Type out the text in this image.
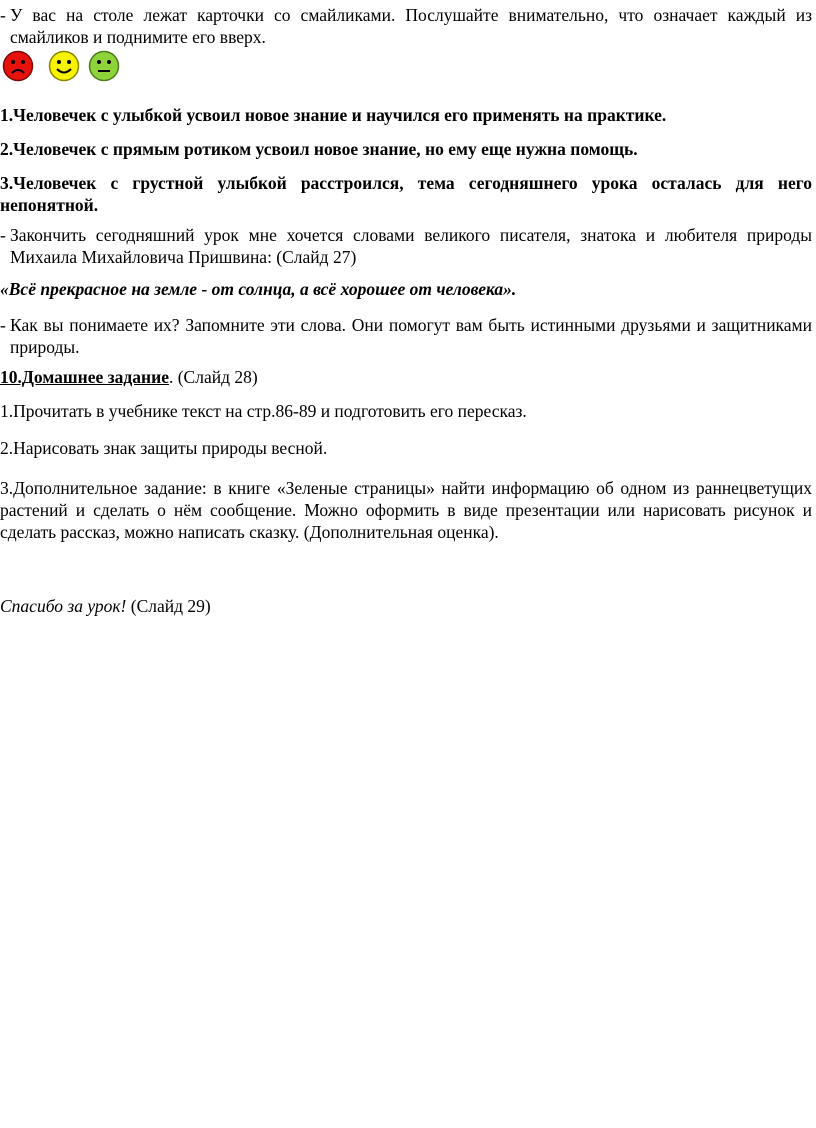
- У вас на столе лежат карточки со смайликами. Послушайте внимательно, что означает каждый из смайликов и поднимите его вверх.

1.Человечек с улыбкой усвоил новое знание и научился его применять на практике.

2.Человечек с прямым ротиком усвоил новое знание, но ему еще нужна помощь.

3.Человечек с грустной улыбкой расстроился, тема сегодняшнего урока осталась для него непонятной.

- Закончить сегодняшний урок мне хочется словами великого писателя, знатока и любителя природы Михаила Михайловича Пришвина: (Слайд 27)

«Всё прекрасное на земле - от солнца, а всё хорошее от человека».

- Как вы понимаете их? Запомните эти слова. Они помогут вам быть истинными друзьями и защитниками природы.

10.Домашнее задание. (Слайд 28)

1.Прочитать в учебнике текст на стр.86-89 и подготовить его пересказ.

2.Нарисовать знак защиты природы весной.

3.Дополнительное задание: в книге «Зеленые страницы» найти информацию об одном из раннецветущих растений и сделать о нём сообщение. Можно оформить в виде презентации или нарисовать рисунок и сделать рассказ, можно написать сказку. (Дополнительная оценка).

Спасибо за урок! (Слайд 29)
